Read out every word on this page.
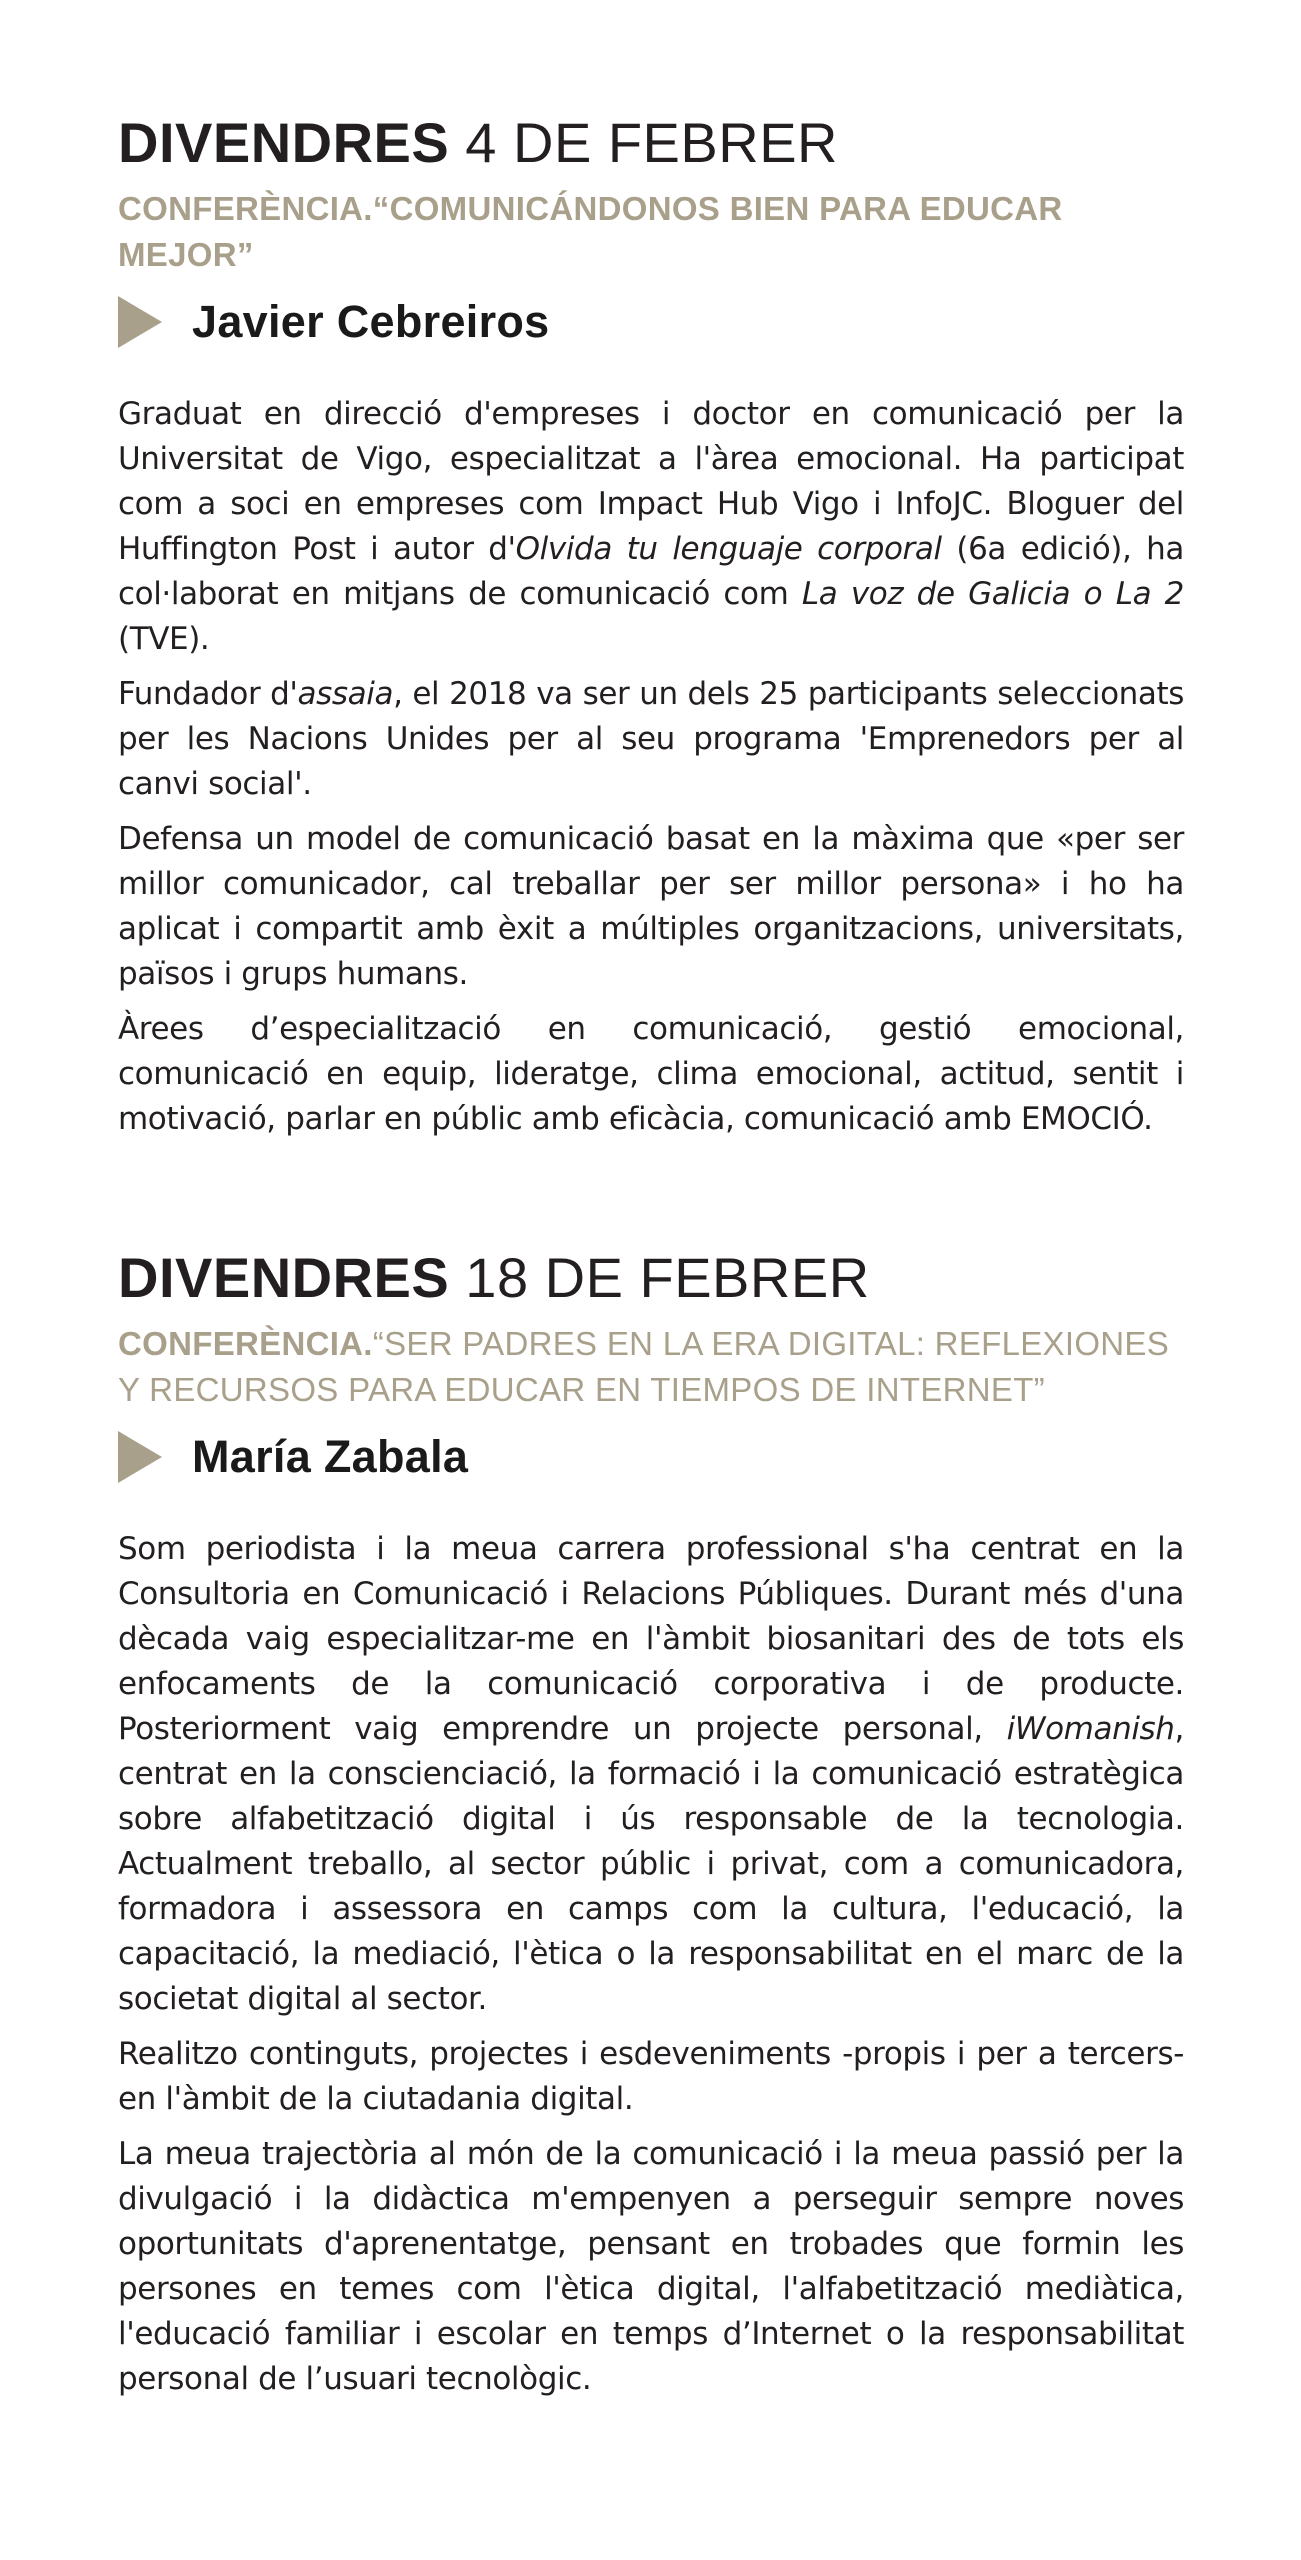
DIVENDRES 4 DE FEBRER
CONFERÈNCIA.“COMUNICÁNDONOS BIEN PARA EDUCAR MEJOR”
Javier Cebreiros

Graduat en direcció d'empreses i doctor en comunicació per la Universitat de Vigo, especialitzat a l'àrea emocional. Ha participat com a soci en empreses com Impact Hub Vigo i InfoJC. Bloguer del Huffington Post i autor d'Olvida tu lenguaje corporal (6a edició), ha col·laborat en mitjans de comunicació com La voz de Galicia o La 2 (TVE).

Fundador d'assaia, el 2018 va ser un dels 25 participants seleccionats per les Nacions Unides per al seu programa 'Emprenedors per al canvi social'.

Defensa un model de comunicació basat en la màxima que «per ser millor comunicador, cal treballar per ser millor persona» i ho ha aplicat i compartit amb èxit a múltiples organitzacions, universitats, països i grups humans.

Àrees d’especialització en comunicació, gestió emocional, comunicació en equip, lideratge, clima emocional, actitud, sentit i motivació, parlar en públic amb eficàcia, comunicació amb EMOCIÓ.

DIVENDRES 18 DE FEBRER
CONFERÈNCIA.“SER PADRES EN LA ERA DIGITAL: REFLEXIONES Y RECURSOS PARA EDUCAR EN TIEMPOS DE INTERNET”
María Zabala

Som periodista i la meua carrera professional s'ha centrat en la Consultoria en Comunicació i Relacions Públiques. Durant més d'una dècada vaig especialitzar-me en l'àmbit biosanitari des de tots els enfocaments de la comunicació corporativa i de producte. Posteriorment vaig emprendre un projecte personal, iWomanish, centrat en la conscienciació, la formació i la comunicació estratègica sobre alfabetització digital i ús responsable de la tecnologia. Actualment treballo, al sector públic i privat, com a comunicadora, formadora i assessora en camps com la cultura, l'educació, la capacitació, la mediació, l'ètica o la responsabilitat en el marc de la societat digital al sector.

Realitzo continguts, projectes i esdeveniments -propis i per a tercers- en l'àmbit de la ciutadania digital.

La meua trajectòria al món de la comunicació i la meua passió per la divulgació i la didàctica m'empenyen a perseguir sempre noves oportunitats d'aprenentatge, pensant en trobades que formin les persones en temes com l'ètica digital, l'alfabetització mediàtica, l'educació familiar i escolar en temps d’Internet o la responsabilitat personal de l’usuari tecnològic.
